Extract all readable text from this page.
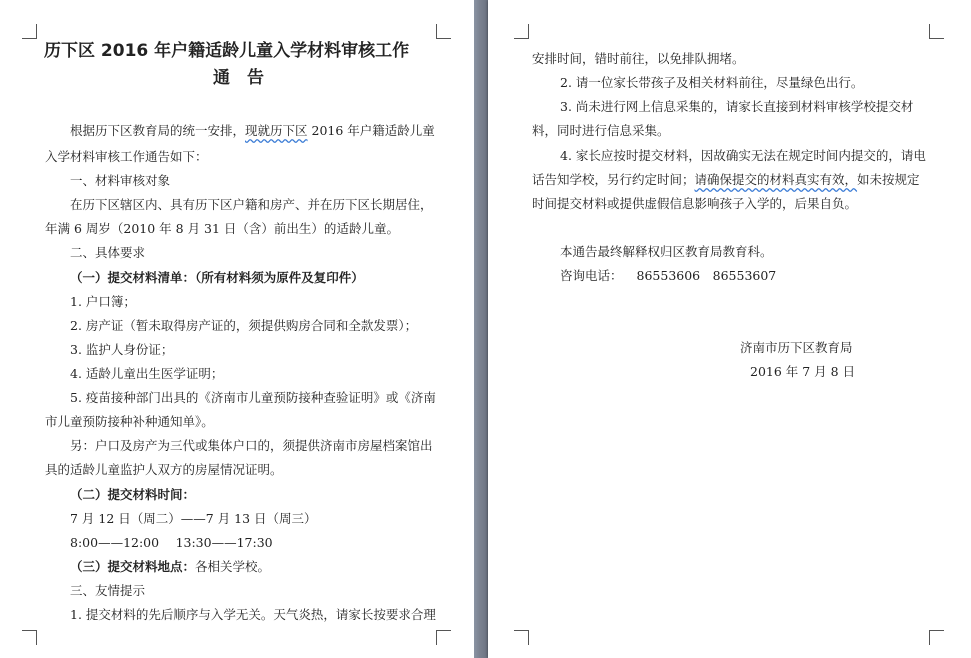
历下区 2016 年户籍适龄儿童入学材料审核工作
通　告
根据历下区教育局的统一安排，现就历下区 2016 年户籍适龄儿童
入学材料审核工作通告如下：
一、材料审核对象
在历下区辖区内、具有历下区户籍和房产、并在历下区长期居住，
年满 6 周岁（2010 年 8 月 31 日（含）前出生）的适龄儿童。
二、具体要求
（一）提交材料清单：（所有材料须为原件及复印件）
1. 户口簿；
2. 房产证（暂未取得房产证的，须提供购房合同和全款发票）；
3. 监护人身份证；
4. 适龄儿童出生医学证明；
5. 疫苗接种部门出具的《济南市儿童预防接种查验证明》或《济南
市儿童预防接种补种通知单》。
另：户口及房产为三代或集体户口的，须提供济南市房屋档案馆出
具的适龄儿童监护人双方的房屋情况证明。
（二）提交材料时间：
7 月 12 日（周二）——7 月 13 日（周三）
8:00——12:00　 13:30——17:30
（三）提交材料地点：各相关学校。
三、友情提示
1. 提交材料的先后顺序与入学无关。天气炎热，请家长按要求合理
安排时间，错时前往，以免排队拥堵。
2. 请一位家长带孩子及相关材料前往，尽量绿色出行。
3. 尚未进行网上信息采集的，请家长直接到材料审核学校提交材
料，同时进行信息采集。
4. 家长应按时提交材料，因故确实无法在规定时间内提交的，请电
话告知学校，另行约定时间；请确保提交的材料真实有效，如未按规定
时间提交材料或提供虚假信息影响孩子入学的，后果自负。
本通告最终解释权归区教育局教育科。
咨询电话： 86553606　86553607
济南市历下区教育局
2016 年 7 月 8 日
